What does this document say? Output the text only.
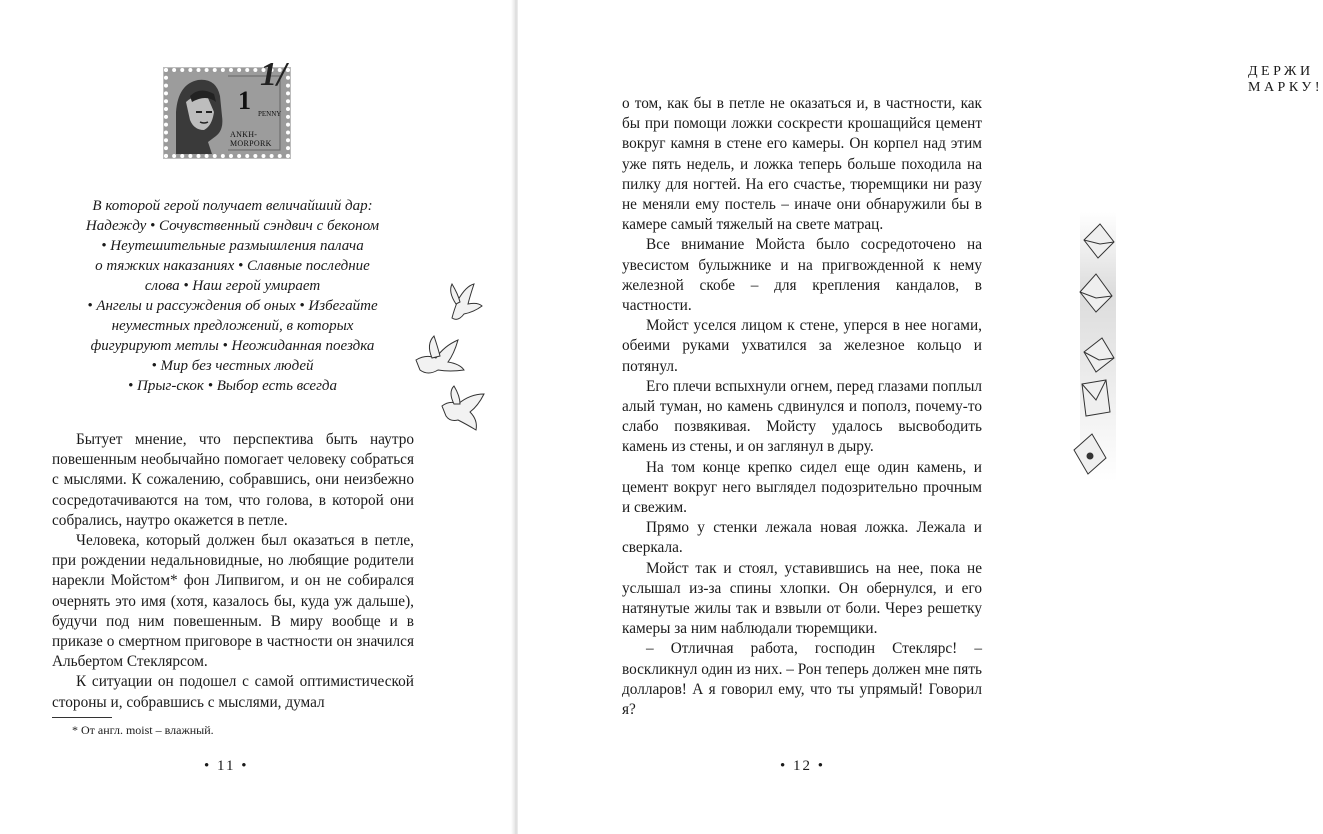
1 PENNY
ANKH-MORPORK
1/
В которой герой получает величайший дар:
Надежду • Сочувственный сэндвич с беконом
• Неутешительные размышления палача
о тяжких наказаниях • Славные последние
слова • Наш герой умирает
• Ангелы и рассуждения об оных • Избегайте
неуместных предложений, в которых
фигурируют метлы • Неожиданная поездка
• Мир без честных людей
• Прыг-скок • Выбор есть всегда

Бытует мнение, что перспектива быть наутро повешенным необычайно помогает человеку собраться с мыслями. К сожалению, собравшись, они неизбежно сосредотачиваются на том, что голова, в которой они собрались, наутро окажется в петле.

Человека, который должен был оказаться в петле, при рождении недальновидные, но любящие родители нарекли Мойстом* фон Липвигом, и он не собирался очернять это имя (хотя, казалось бы, куда уж дальше), будучи под ним повешенным. В миру вообще и в приказе о смертном приговоре в частности он значился Альбертом Стеклярсом.

К ситуации он подошел с самой оптимистической стороны и, собравшись с мыслями, думал

* От англ. moist – влажный.
• 11 •
ДЕРЖИ МАРКУ!

о том, как бы в петле не оказаться и, в частности, как бы при помощи ложки соскрести крошащийся цемент вокруг камня в стене его камеры. Он корпел над этим уже пять недель, и ложка теперь больше походила на пилку для ногтей. На его счастье, тюремщики ни разу не меняли ему постель – иначе они обнаружили бы в камере самый тяжелый на свете матрац.

Все внимание Мойста было сосредоточено на увесистом булыжнике и на пригвожденной к нему железной скобе – для крепления кандалов, в частности.

Мойст уселся лицом к стене, уперся в нее ногами, обеими руками ухватился за железное кольцо и потянул.

Его плечи вспыхнули огнем, перед глазами поплыл алый туман, но камень сдвинулся и пополз, почему-то слабо позвякивая. Мойсту удалось высвободить камень из стены, и он заглянул в дыру.

На том конце крепко сидел еще один камень, и цемент вокруг него выглядел подозрительно прочным и свежим.

Прямо у стенки лежала новая ложка. Лежала и сверкала.

Мойст так и стоял, уставившись на нее, пока не услышал из-за спины хлопки. Он обернулся, и его натянутые жилы так и взвыли от боли. Через решетку камеры за ним наблюдали тюремщики.

– Отличная работа, господин Стеклярс! – воскликнул один из них. – Рон теперь должен мне пять долларов! А я говорил ему, что ты упрямый! Говорил я?

• 12 •
